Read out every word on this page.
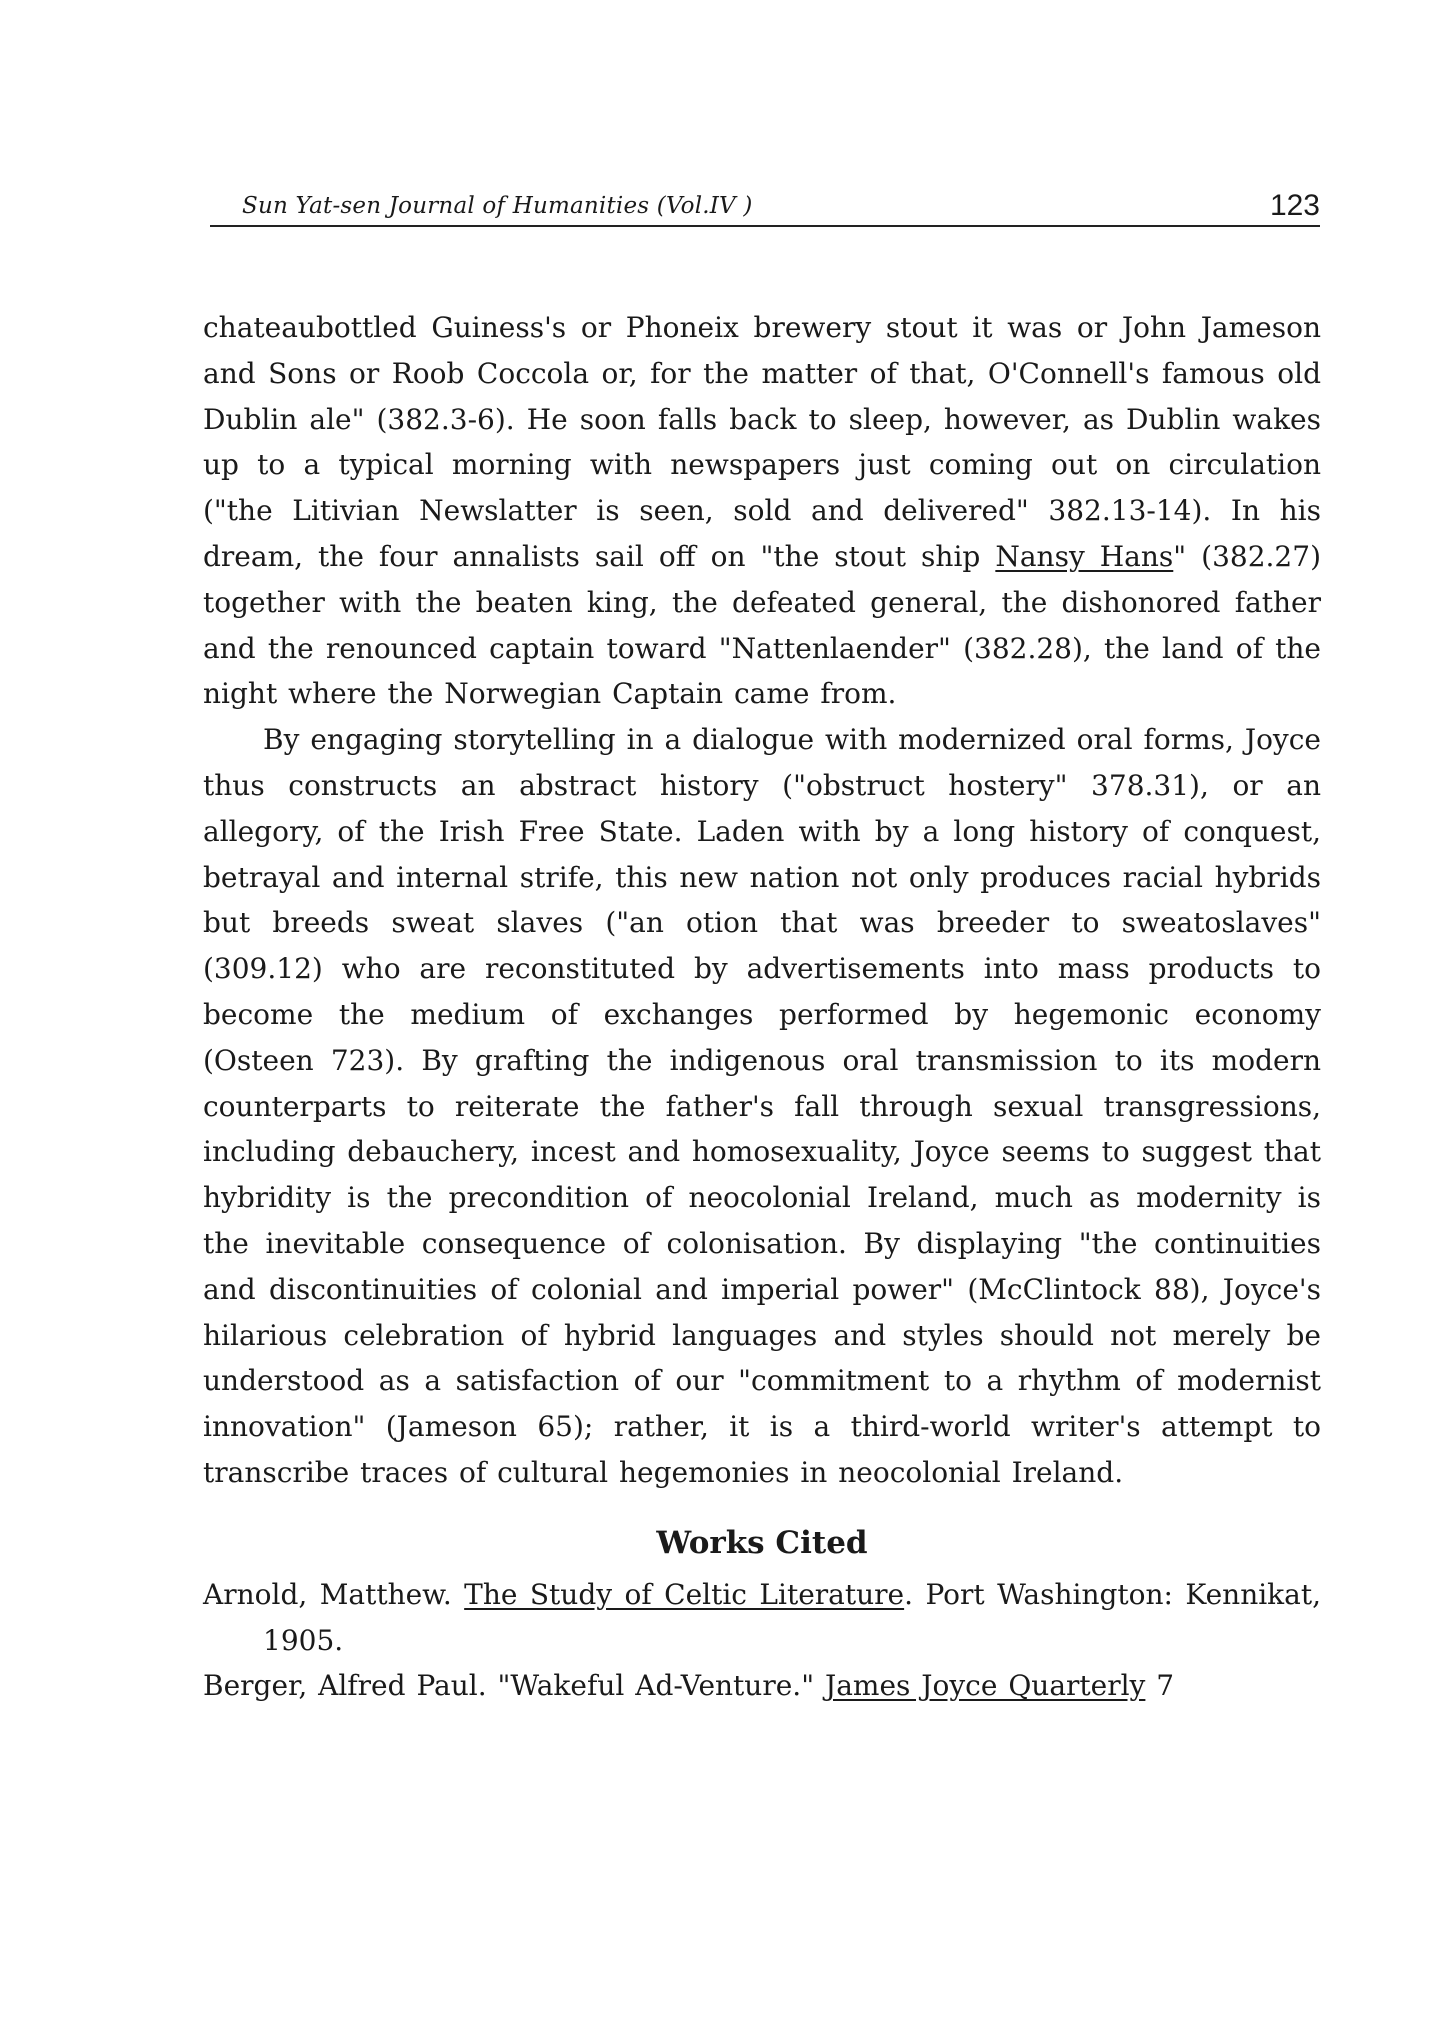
Sun Yat-sen Journal of Humanities (Vol.IV )	123

chateaubottled Guiness's or Phoneix brewery stout it was or John Jameson and Sons or Roob Coccola or, for the matter of that, O'Connell's famous old Dublin ale" (382.3-6). He soon falls back to sleep, however, as Dublin wakes up to a typical morning with newspapers just coming out on circulation ("the Litivian Newslatter is seen, sold and delivered" 382.13-14). In his dream, the four annalists sail off on "the stout ship Nansy Hans" (382.27) together with the beaten king, the defeated general, the dishonored father and the renounced captain toward "Nattenlaender" (382.28), the land of the night where the Norwegian Captain came from.

By engaging storytelling in a dialogue with modernized oral forms, Joyce thus constructs an abstract history ("obstruct hostery" 378.31), or an allegory, of the Irish Free State. Laden with by a long history of conquest, betrayal and internal strife, this new nation not only produces racial hybrids but breeds sweat slaves ("an otion that was breeder to sweatoslaves" (309.12) who are reconstituted by advertisements into mass products to become the medium of exchanges performed by hegemonic economy (Osteen 723). By grafting the indigenous oral transmission to its modern counterparts to reiterate the father's fall through sexual transgressions, including debauchery, incest and homosexuality, Joyce seems to suggest that hybridity is the precondition of neocolonial Ireland, much as modernity is the inevitable consequence of colonisation. By displaying "the continuities and discontinuities of colonial and imperial power" (McClintock 88), Joyce's hilarious celebration of hybrid languages and styles should not merely be understood as a satisfaction of our "commitment to a rhythm of modernist innovation" (Jameson 65); rather, it is a third-world writer's attempt to transcribe traces of cultural hegemonies in neocolonial Ireland.

Works Cited

Arnold, Matthew. The Study of Celtic Literature. Port Washington: Kennikat, 1905.

Berger, Alfred Paul. "Wakeful Ad-Venture." James Joyce Quarterly 7
